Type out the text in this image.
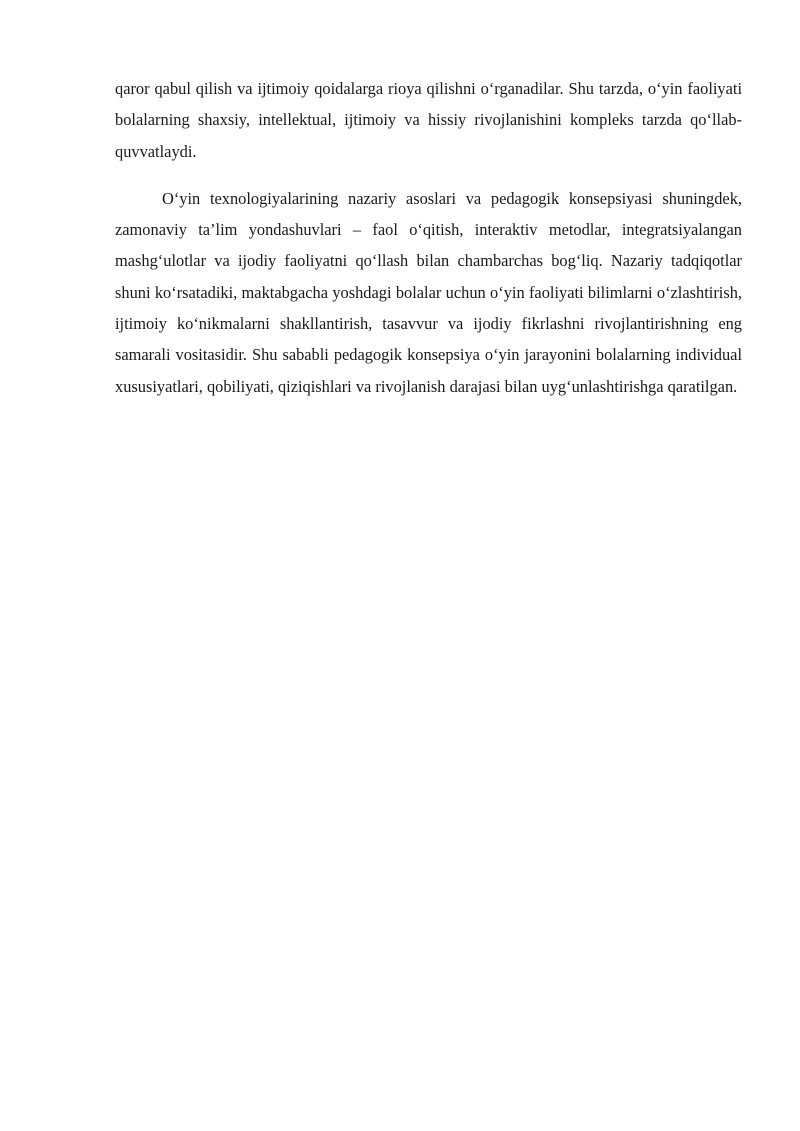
qaror qabul qilish va ijtimoiy qoidalarga rioya qilishni o‘rganadilar. Shu tarzda, o‘yin faoliyati bolalarning shaxsiy, intellektual, ijtimoiy va hissiy rivojlanishini kompleks tarzda qo‘llab-quvvatlaydi.

O‘yin texnologiyalarining nazariy asoslari va pedagogik konsepsiyasi shuningdek, zamonaviy ta’lim yondashuvlari – faol o‘qitish, interaktiv metodlar, integratsiyalangan mashg‘ulotlar va ijodiy faoliyatni qo‘llash bilan chambarchas bog‘liq. Nazariy tadqiqotlar shuni ko‘rsatadiki, maktabgacha yoshdagi bolalar uchun o‘yin faoliyati bilimlarni o‘zlashtirish, ijtimoiy ko‘nikmalarni shakllantirish, tasavvur va ijodiy fikrlashni rivojlantirishning eng samarali vositasidir. Shu sababli pedagogik konsepsiya o‘yin jarayonini bolalarning individual xususiyatlari, qobiliyati, qiziqishlari va rivojlanish darajasi bilan uyg‘unlashtirishga qaratilgan.
